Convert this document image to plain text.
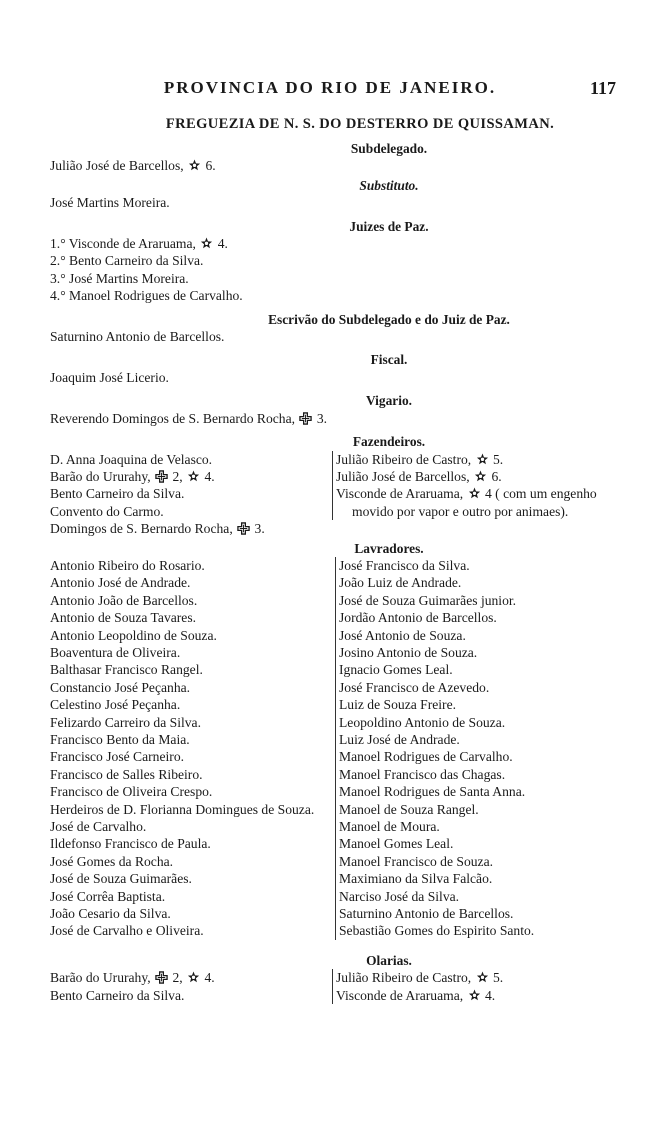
PROVINCIA DO RIO DE JANEIRO.	117
FREGUEZIA DE N. S. DO DESTERRO DE QUISSAMAN.
Subdelegado.
Julião José de Barcellos, 6.
Substituto.
José Martins Moreira.
Juizes de Paz.
1.° Visconde de Araruama, 4.
2.° Bento Carneiro da Silva.
3.° José Martins Moreira.
4.° Manoel Rodrigues de Carvalho.
Escrivão do Subdelegado e do Juiz de Paz.
Saturnino Antonio de Barcellos.
Fiscal.
Joaquim José Licerio.
Vigario.
Reverendo Domingos de S. Bernardo Rocha, 3.
Fazendeiros.
D. Anna Joaquina de Velasco.
Barão do Ururahy, 2, 4.
Bento Carneiro da Silva.
Convento do Carmo.
Domingos de S. Bernardo Rocha, 3.
Julião Ribeiro de Castro, 5.
Julião José de Barcellos, 6.
Visconde de Araruama, 4 ( com um engenho movido por vapor e outro por animaes).
Lavradores.
Antonio Ribeiro do Rosario.
Antonio José de Andrade.
Antonio João de Barcellos.
Antonio de Souza Tavares.
Antonio Leopoldino de Souza.
Boaventura de Oliveira.
Balthasar Francisco Rangel.
Constancio José Peçanha.
Celestino José Peçanha.
Felizardo Carreiro da Silva.
Francisco Bento da Maia.
Francisco José Carneiro.
Francisco de Salles Ribeiro.
Francisco de Oliveira Crespo.
Herdeiros de D. Florianna Domingues de Souza.
José de Carvalho.
Ildefonso Francisco de Paula.
José Gomes da Rocha.
José de Souza Guimarães.
José Corrêa Baptista.
João Cesario da Silva.
José de Carvalho e Oliveira.
José Francisco da Silva.
João Luiz de Andrade.
José de Souza Guimarães junior.
Jordão Antonio de Barcellos.
José Antonio de Souza.
Josino Antonio de Souza.
Ignacio Gomes Leal.
José Francisco de Azevedo.
Luiz de Souza Freire.
Leopoldino Antonio de Souza.
Luiz José de Andrade.
Manoel Rodrigues de Carvalho.
Manoel Francisco das Chagas.
Manoel Rodrigues de Santa Anna.
Manoel de Souza Rangel.
Manoel de Moura.
Manoel Gomes Leal.
Manoel Francisco de Souza.
Maximiano da Silva Falcão.
Narciso José da Silva.
Saturnino Antonio de Barcellos.
Sebastião Gomes do Espirito Santo.
Olarias.
Barão do Ururahy, 2, 4.
Bento Carneiro da Silva.
Julião Ribeiro de Castro, 5.
Visconde de Araruama, 4.
